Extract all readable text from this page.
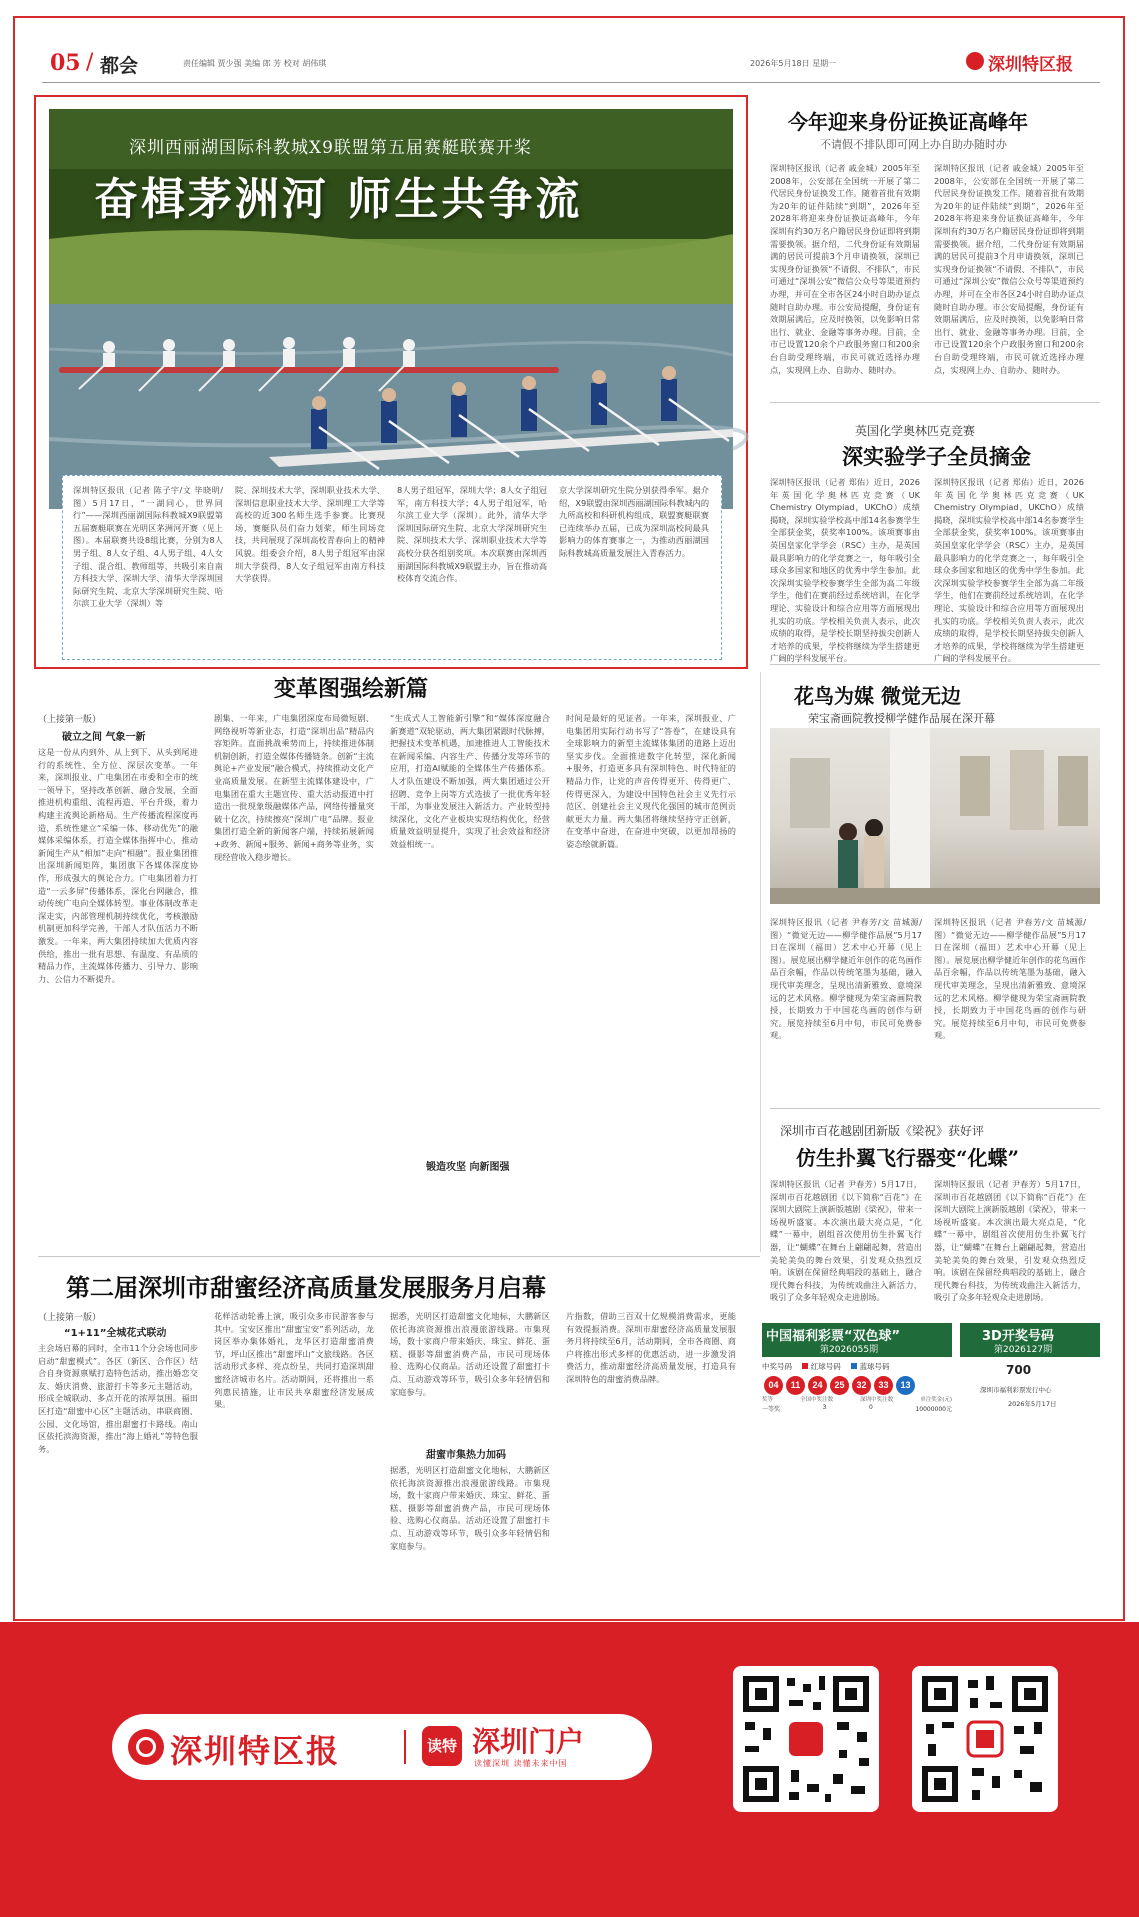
05 / 都会	责任编辑 贾少强 美编 郎 芳 校对 胡伟琪	2026年5月18日 星期一	深圳特区报
深圳西丽湖国际科教城X9联盟第五届赛艇联赛开桨
奋楫茅洲河 师生共争流
深圳特区报讯（记者 陈子宇/文 毕晓明/图）5月17日，“一湖同心，世界同行”——深圳西丽湖国际科教城X9联盟第五届赛艇联赛在光明区茅洲河开赛（见上图）。本届联赛共设8组比赛，分别为8人男子组、8人女子组、4人男子组、4人女子组、混合组、教师组等，共吸引来自南方科技大学、深圳大学、清华大学深圳国际研究生院、北京大学深圳研究生院、哈尔滨工业大学（深圳）等
院、深圳技术大学，深圳职业技术大学、深圳信息职业技术大学、深圳理工大学等高校的近300名师生选手参赛。比赛现场，赛艇队员们奋力划桨，师生同场竞技，共同展现了深圳高校青春向上的精神风貌。组委会介绍，8人男子组冠军由深圳大学获得，8人女子组冠军由南方科技大学获得。
8人男子组冠军，深圳大学；8人女子组冠军，南方科技大学；4人男子组冠军，哈尔滨工业大学（深圳）。此外，清华大学深圳国际研究生院、北京大学深圳研究生院、深圳技术大学、深圳职业技术大学等高校分获各组别奖项。本次联赛由深圳西丽湖国际科教城X9联盟主办，旨在推动高校体育交流合作。
京大学深圳研究生院分别获得季军。据介绍，X9联盟由深圳西丽湖国际科教城内的九所高校和科研机构组成，联盟赛艇联赛已连续举办五届，已成为深圳高校间最具影响力的体育赛事之一，为推动西丽湖国际科教城高质量发展注入青春活力。
今年迎来身份证换证高峰年
不请假不排队即可网上办自助办随时办
深圳特区报讯（记者 戚金城）2005年至2008年，公安部在全国统一开展了第二代居民身份证换发工作。随着首批有效期为20年的证件陆续“到期”，2026年至2028年将迎来身份证换证高峰年，今年深圳有约30万名户籍居民身份证即将到期需要换领。据介绍，二代身份证有效期届满的居民可提前3个月申请换领，深圳已实现身份证换领“不请假、不排队”，市民可通过“深圳公安”微信公众号等渠道预约办理，并可在全市各区24小时自助办证点随时自助办理。市公安局提醒，身份证有效期届满后，应及时换领，以免影响日常出行、就业、金融等事务办理。目前，全市已设置120余个户政服务窗口和200余台自助受理终端，市民可就近选择办理点，实现网上办、自助办、随时办。
深圳特区报讯（记者 戚金城）2005年至2008年，公安部在全国统一开展了第二代居民身份证换发工作。随着首批有效期为20年的证件陆续“到期”，2026年至2028年将迎来身份证换证高峰年，今年深圳有约30万名户籍居民身份证即将到期需要换领。据介绍，二代身份证有效期届满的居民可提前3个月申请换领，深圳已实现身份证换领“不请假、不排队”，市民可通过“深圳公安”微信公众号等渠道预约办理，并可在全市各区24小时自助办证点随时自助办理。市公安局提醒，身份证有效期届满后，应及时换领，以免影响日常出行、就业、金融等事务办理。目前，全市已设置120余个户政服务窗口和200余台自助受理终端，市民可就近选择办理点，实现网上办、自助办、随时办。
英国化学奥林匹克竞赛
深实验学子全员摘金
深圳特区报讯（记者 郑佑）近日，2026年英国化学奥林匹克竞赛（UK Chemistry Olympiad，UKChO）成绩揭晓，深圳实验学校高中部14名参赛学生全部获金奖，获奖率100%。该项赛事由英国皇家化学学会（RSC）主办，是英国最具影响力的化学竞赛之一，每年吸引全球众多国家和地区的优秀中学生参加。此次深圳实验学校参赛学生全部为高二年级学生，他们在赛前经过系统培训，在化学理论、实验设计和综合应用等方面展现出扎实的功底。学校相关负责人表示，此次成绩的取得，是学校长期坚持拔尖创新人才培养的成果，学校将继续为学生搭建更广阔的学科发展平台。
深圳特区报讯（记者 郑佑）近日，2026年英国化学奥林匹克竞赛（UK Chemistry Olympiad，UKChO）成绩揭晓，深圳实验学校高中部14名参赛学生全部获金奖，获奖率100%。该项赛事由英国皇家化学学会（RSC）主办，是英国最具影响力的化学竞赛之一，每年吸引全球众多国家和地区的优秀中学生参加。此次深圳实验学校参赛学生全部为高二年级学生，他们在赛前经过系统培训，在化学理论、实验设计和综合应用等方面展现出扎实的功底。学校相关负责人表示，此次成绩的取得，是学校长期坚持拔尖创新人才培养的成果，学校将继续为学生搭建更广阔的学科发展平台。
变革图强绘新篇
（上接第一版）
破立之间 气象一新
这是一份从内到外、从上到下、从头到尾进行的系统性、全方位、深层次变革。一年来，深圳报业、广电集团在市委和全市的统一领导下，坚持改革创新、融合发展，全面推进机构重组、流程再造、平台升级，着力构建主流舆论新格局。生产传播流程深度再造，系统性建立“采编一体、移动优先”的融媒体采编体系，打造全媒体指挥中心，推动新闻生产从“相加”走向“相融”。报业集团推出深圳新闻矩阵，集团旗下各媒体深度协作，形成强大的舆论合力。广电集团着力打造“一云多屏”传播体系，深化台网融合，推动传统广电向全媒体转型。事业体制改革走深走实，内部管理机制持续优化，考核激励机制更加科学完善，干部人才队伍活力不断激发。一年来，两大集团持续加大优质内容供给，推出一批有思想、有温度、有品质的精品力作，主流媒体传播力、引导力、影响力、公信力不断提升。
剧集、一年来，广电集团深度布局微短剧、网络视听等新业态，打造“深圳出品”精品内容矩阵。直面挑战乘势而上，持续推进体制机制创新，打造全媒体传播链条。创新“主流舆论+产业发展”融合模式，持续推动文化产业高质量发展。在新型主流媒体建设中，广电集团在重大主题宣传、重大活动报道中打造出一批现象级融媒体产品，网络传播量突破十亿次，持续擦亮“深圳广电”品牌。报业集团打造全新的新闻客户端，持续拓展新闻+政务、新闻+服务、新闻+商务等业务，实现经营收入稳步增长。
“生成式人工智能新引擎”和“媒体深度融合新赛道”双轮驱动，两大集团紧跟时代脉搏，把握技术变革机遇，加速推进人工智能技术在新闻采编、内容生产、传播分发等环节的应用，打造AI赋能的全媒体生产传播体系。人才队伍建设不断加强，两大集团通过公开招聘、竞争上岗等方式选拔了一批优秀年轻干部，为事业发展注入新活力。产业转型持续深化，文化产业板块实现结构优化，经营质量效益明显提升，实现了社会效益和经济效益相统一。
锻造攻坚 向新图强
时间是最好的见证者。一年来，深圳报业、广电集团用实际行动书写了“答卷”，在建设具有全球影响力的新型主流媒体集团的道路上迈出坚实步伐。全面推进数字化转型，深化新闻+服务，打造更多具有深圳特色、时代特征的精品力作，让党的声音传得更开、传得更广、传得更深入，为建设中国特色社会主义先行示范区、创建社会主义现代化强国的城市范例贡献更大力量。两大集团将继续坚持守正创新，在变革中奋进，在奋进中突破，以更加昂扬的姿态绘就新篇。
花鸟为媒 微觉无边
荣宝斋画院教授柳学健作品展在深开幕
深圳特区报讯（记者 尹春芳/文 苗城源/图）“微觉无边——柳学健作品展”5月17日在深圳（福田）艺术中心开幕（见上图）。展览展出柳学健近年创作的花鸟画作品百余幅，作品以传统笔墨为基础，融入现代审美理念，呈现出清新雅致、意境深远的艺术风格。柳学健现为荣宝斋画院教授，长期致力于中国花鸟画的创作与研究。展览持续至6月中旬，市民可免费参观。
深圳特区报讯（记者 尹春芳/文 苗城源/图）“微觉无边——柳学健作品展”5月17日在深圳（福田）艺术中心开幕（见上图）。展览展出柳学健近年创作的花鸟画作品百余幅，作品以传统笔墨为基础，融入现代审美理念，呈现出清新雅致、意境深远的艺术风格。柳学健现为荣宝斋画院教授，长期致力于中国花鸟画的创作与研究。展览持续至6月中旬，市民可免费参观。
深圳市百花越剧团新版《梁祝》获好评
仿生扑翼飞行器变“化蝶”
深圳特区报讯（记者 尹春芳）5月17日，深圳市百花越剧团《以下简称“百花”》在深圳大剧院上演新版越剧《梁祝》，带来一场视听盛宴。本次演出最大亮点是，“化蝶”一幕中，剧组首次使用仿生扑翼飞行器，让“蝴蝶”在舞台上翩翩起舞，营造出美轮美奂的舞台效果，引发观众热烈反响。该剧在保留经典唱段的基础上，融合现代舞台科技，为传统戏曲注入新活力，吸引了众多年轻观众走进剧场。
深圳特区报讯（记者 尹春芳）5月17日，深圳市百花越剧团《以下简称“百花”》在深圳大剧院上演新版越剧《梁祝》，带来一场视听盛宴。本次演出最大亮点是，“化蝶”一幕中，剧组首次使用仿生扑翼飞行器，让“蝴蝶”在舞台上翩翩起舞，营造出美轮美奂的舞台效果，引发观众热烈反响。该剧在保留经典唱段的基础上，融合现代舞台科技，为传统戏曲注入新活力，吸引了众多年轻观众走进剧场。
第二届深圳市甜蜜经济高质量发展服务月启幕
（上接第一版）
“1+11”全城花式联动
主会场启幕的同时，全市11个分会场也同步启动“甜蜜模式”。各区（新区、合作区）结合自身资源禀赋打造特色活动，推出婚恋交友、婚庆消费、旅游打卡等多元主题活动，形成全城联动、多点开花的浓厚氛围。福田区打造“甜蜜中心区”主题活动，串联商圈、公园、文化场馆，推出甜蜜打卡路线。南山区依托滨海资源，推出“海上婚礼”等特色服务。
花样活动轮番上演，吸引众多市民游客参与其中。宝安区推出“甜蜜宝安”系列活动，龙岗区举办集体婚礼，龙华区打造甜蜜消费节，坪山区推出“甜蜜坪山”文旅线路。各区活动形式多样、亮点纷呈，共同打造深圳甜蜜经济城市名片。活动期间，还将推出一系列惠民措施，让市民共享甜蜜经济发展成果。
据悉，光明区打造甜蜜文化地标，大鹏新区依托海滨资源推出浪漫旅游线路。市集现场，数十家商户带来婚庆、珠宝、鲜花、蛋糕、摄影等甜蜜消费产品，市民可现场体验、选购心仪商品。活动还设置了甜蜜打卡点、互动游戏等环节，吸引众多年轻情侣和家庭参与。
甜蜜市集热力加码
据悉，光明区打造甜蜜文化地标，大鹏新区依托海滨资源推出浪漫旅游线路。市集现场，数十家商户带来婚庆、珠宝、鲜花、蛋糕、摄影等甜蜜消费产品，市民可现场体验、选购心仪商品。活动还设置了甜蜜打卡点、互动游戏等环节，吸引众多年轻情侣和家庭参与。
片指数，借助三百双十亿规模消费需求，更能有效提振消费。深圳市甜蜜经济高质量发展服务月将持续至6月，活动期间，全市各商圈、商户将推出形式多样的优惠活动，进一步激发消费活力，推动甜蜜经济高质量发展，打造具有深圳特色的甜蜜消费品牌。
中国福利彩票“双色球”
第2026055期
中奖号码	红球号码	蓝球号码
04 11 24 25 32 33 13
奖等	全国中奖注数	深圳中奖注数	单注奖金(元)
一等奖	3	0	10000000元
3D开奖号码
第2026127期
700
深圳市福利彩票发行中心
2026年5月17日
深圳特区报	读特 深圳门户
读懂深圳 读懂未来中国
